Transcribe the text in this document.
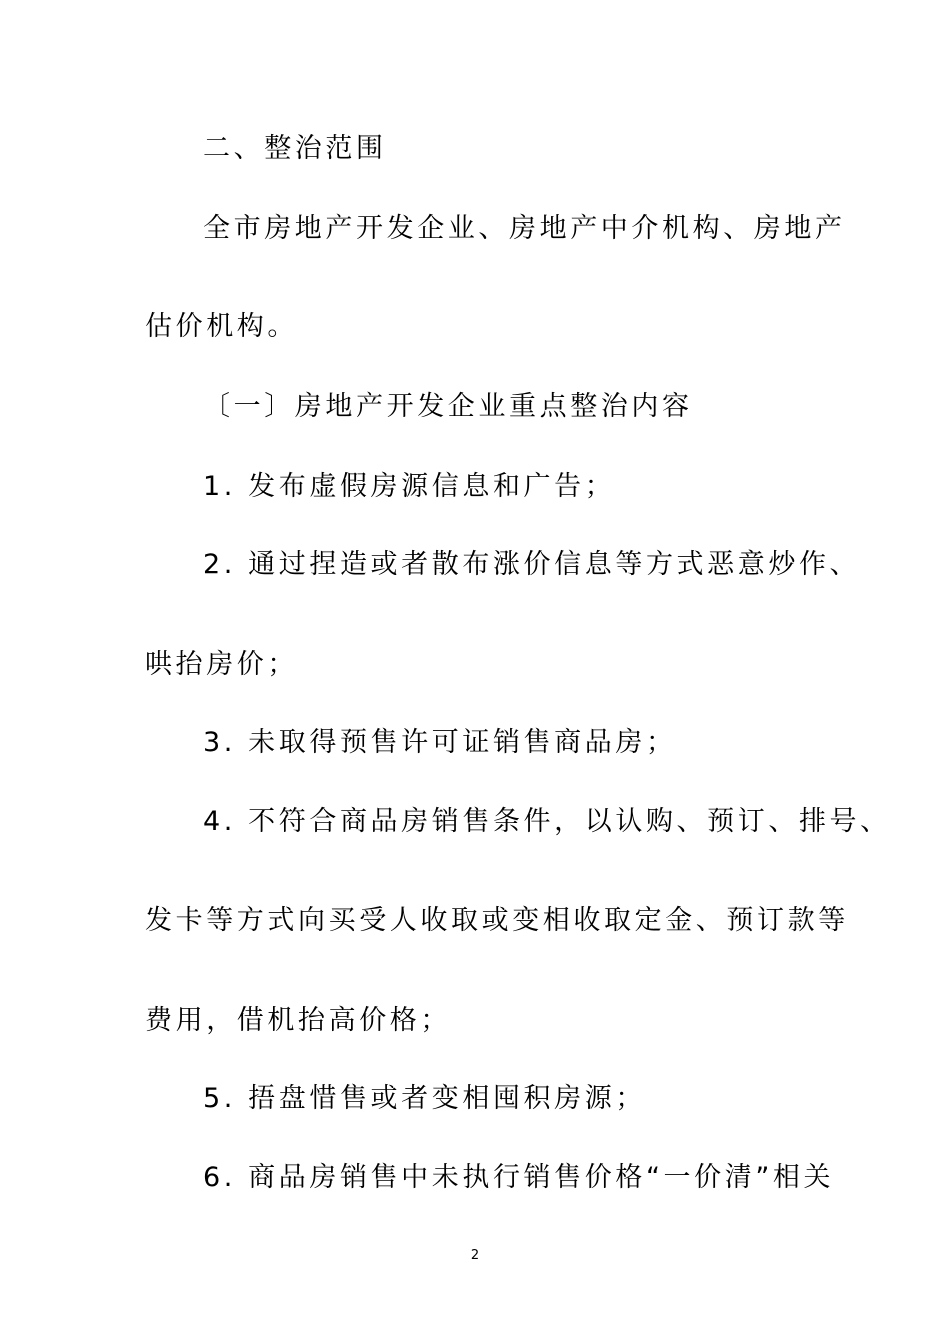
二、整治范围
全市房地产开发企业、房地产中介机构、房地产
估价机构。
〔一〕房地产开发企业重点整治内容
1. 发布虚假房源信息和广告；
2. 通过捏造或者散布涨价信息等方式恶意炒作、
哄抬房价；
3. 未取得预售许可证销售商品房；
4. 不符合商品房销售条件，以认购、预订、排号、
发卡等方式向买受人收取或变相收取定金、预订款等
费用，借机抬高价格；
5. 捂盘惜售或者变相囤积房源；
6. 商品房销售中未执行销售价格“一价清”相关
2
